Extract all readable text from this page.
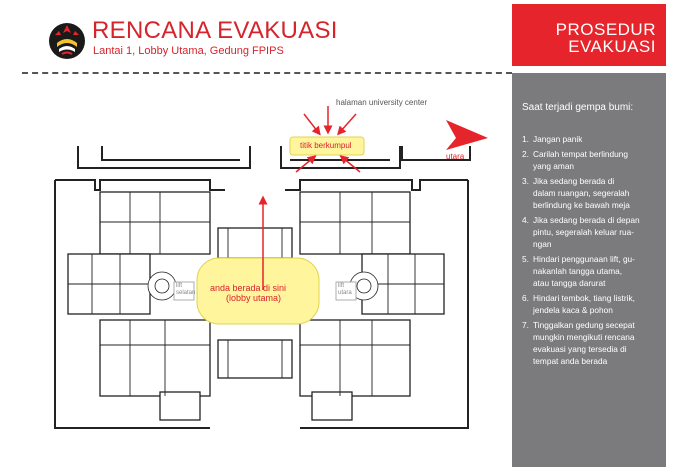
RENCANA EVAKUASI
Lantai 1, Lobby Utama, Gedung FPIPS
halaman university center
titik berkumpul
utara
anda berada di sini
(lobby utama)
lift
selatan
lift
utara
PROSEDUR
EVAKUASI
Saat terjadi gempa bumi:
1. Jangan panik
2. Carilah tempat berlindung
yang aman
3. Jika sedang berada di
dalam ruangan, segeralah
berlindung ke bawah meja
4. Jika sedang berada di depan
pintu, segeralah keluar rua-
ngan
5. Hindari penggunaan lift, gu-
nakanlah tangga utama,
atau tangga darurat
6. Hindari tembok, tiang listrik,
jendela kaca & pohon
7. Tinggalkan gedung secepat
mungkin mengikuti rencana
evakuasi yang tersedia di
tempat anda berada
